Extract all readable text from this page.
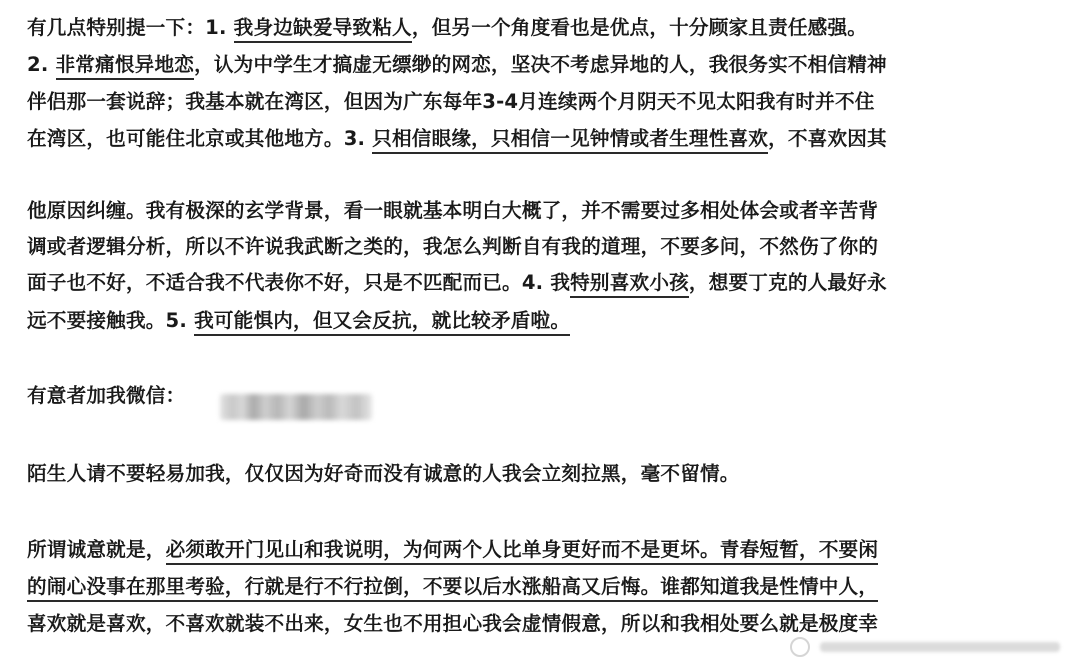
有几点特别提一下：1. 我身边缺爱导致粘人，但另一个角度看也是优点，十分顾家且责任感强。
2. 非常痛恨异地恋，认为中学生才搞虚无缥缈的网恋，坚决不考虑异地的人，我很务实不相信精神
伴侣那一套说辞；我基本就在湾区，但因为广东每年3-4月连续两个月阴天不见太阳我有时并不住
在湾区，也可能住北京或其他地方。3. 只相信眼缘，只相信一见钟情或者生理性喜欢，不喜欢因其
他原因纠缠。我有极深的玄学背景，看一眼就基本明白大概了，并不需要过多相处体会或者辛苦背
调或者逻辑分析，所以不许说我武断之类的，我怎么判断自有我的道理，不要多问，不然伤了你的
面子也不好，不适合我不代表你不好，只是不匹配而已。4. 我特别喜欢小孩，想要丁克的人最好永
远不要接触我。5. 我可能惧内，但又会反抗，就比较矛盾啦。
有意者加我微信：
陌生人请不要轻易加我，仅仅因为好奇而没有诚意的人我会立刻拉黑，毫不留情。
所谓诚意就是，必须敢开门见山和我说明，为何两个人比单身更好而不是更坏。青春短暂，不要闲
的闹心没事在那里考验，行就是行不行拉倒，不要以后水涨船高又后悔。谁都知道我是性情中人，
喜欢就是喜欢，不喜欢就装不出来，女生也不用担心我会虚情假意，所以和我相处要么就是极度幸
